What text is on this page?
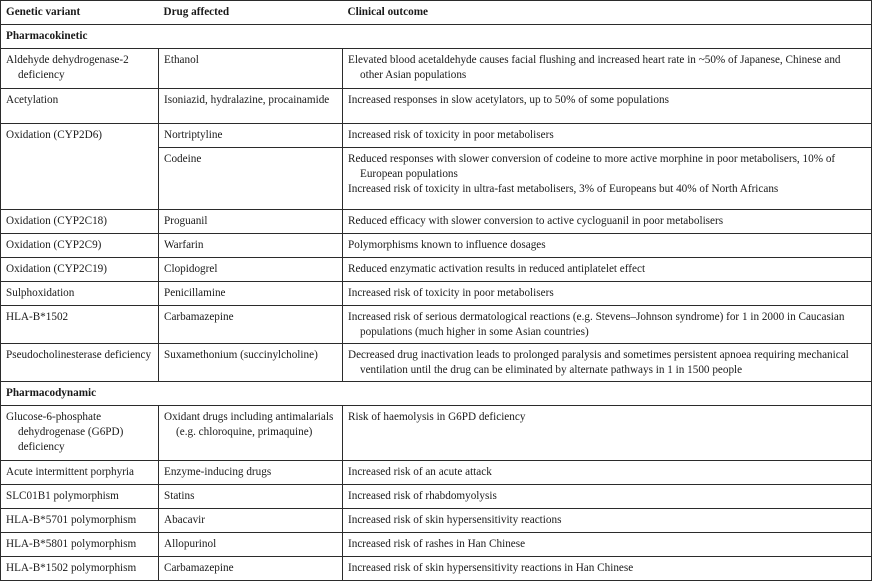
Genetic variant	Drug affected	Clinical outcome
Pharmacokinetic		

Aldehyde dehydrogenase-2 deficiency	Ethanol	Elevated blood acetaldehyde causes facial flushing and increased heart rate in ~50% of Japanese, Chinese and other Asian populations

Acetylation	Isoniazid, hydralazine, procainamide	Increased responses in slow acetylators, up to 50% of some populations

Oxidation (CYP2D6)	Nortriptyline	Increased risk of toxicity in poor metabolisers

	Codeine	Reduced responses with slower conversion of codeine to more active morphine in poor metabolisers, 10% of European populations
Increased risk of toxicity in ultra-fast metabolisers, 3% of Europeans but 40% of North Africans

Oxidation (CYP2C18)	Proguanil	Reduced efficacy with slower conversion to active cycloguanil in poor metabolisers

Oxidation (CYP2C9)	Warfarin	Polymorphisms known to influence dosages

Oxidation (CYP2C19)	Clopidogrel	Reduced enzymatic activation results in reduced antiplatelet effect

Sulphoxidation	Penicillamine	Increased risk of toxicity in poor metabolisers

HLA-B*1502	Carbamazepine	Increased risk of serious dermatological reactions (e.g. Stevens–Johnson syndrome) for 1 in 2000 in Caucasian populations (much higher in some Asian countries)

Pseudocholinesterase deficiency	Suxamethonium (succinylcholine)	Decreased drug inactivation leads to prolonged paralysis and sometimes persistent apnoea requiring mechanical ventilation until the drug can be eliminated by alternate pathways in 1 in 1500 people

Pharmacodynamic		

Glucose-6-phosphate dehydrogenase (G6PD) deficiency	Oxidant drugs including antimalarials (e.g. chloroquine, primaquine)	Risk of haemolysis in G6PD deficiency

Acute intermittent porphyria	Enzyme-inducing drugs	Increased risk of an acute attack

SLC01B1 polymorphism	Statins	Increased risk of rhabdomyolysis

HLA-B*5701 polymorphism	Abacavir	Increased risk of skin hypersensitivity reactions

HLA-B*5801 polymorphism	Allopurinol	Increased risk of rashes in Han Chinese

HLA-B*1502 polymorphism	Carbamazepine	Increased risk of skin hypersensitivity reactions in Han Chinese
